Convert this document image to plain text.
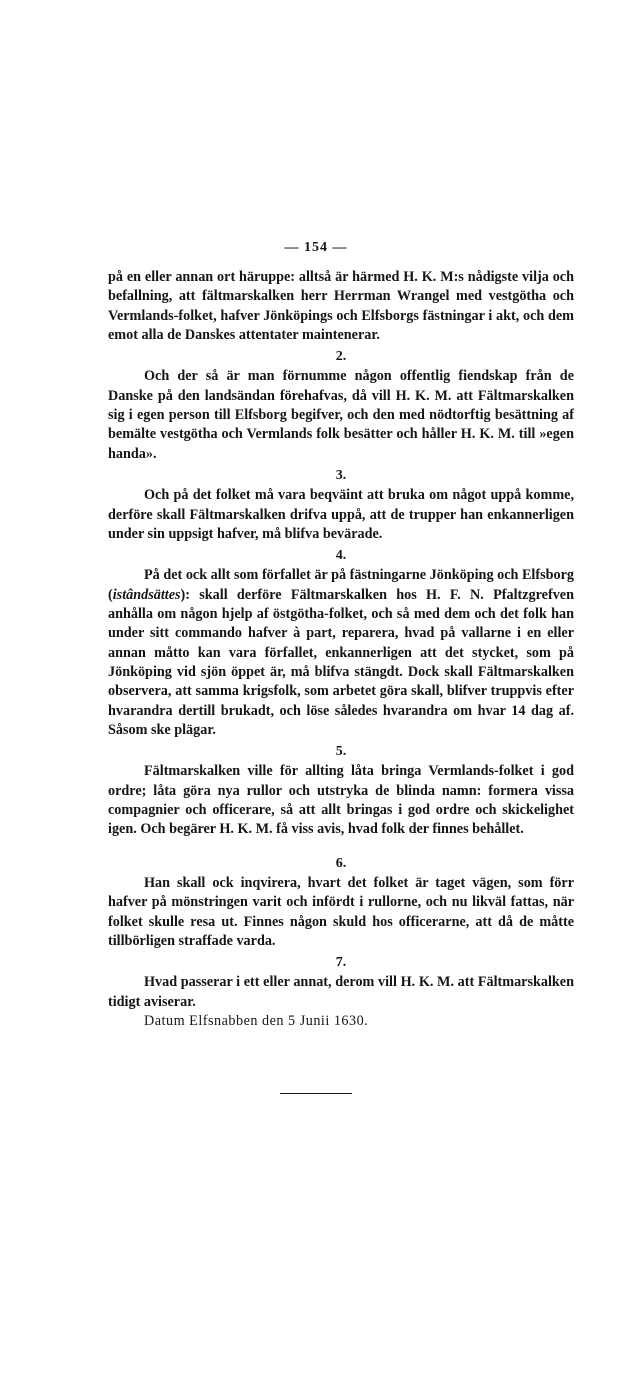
— 154 —

på en eller annan ort häruppe: alltså är härmed H. K. M:s nådigste vilja och befallning, att fältmarskalken herr Herrman Wrangel med vestgötha och Vermlands-folket, hafver Jönköpings och Elfsborgs fästningar i akt, och dem emot alla de Danskes attentater maintenerar.

2.

Och der så är man förnumme någon offentlig fiendskap från de Danske på den landsändan förehafvas, då vill H. K. M. att Fältmarskalken sig i egen person till Elfsborg begifver, och den med nödtorftig besättning af bemälte vestgötha och Vermlands folk besätter och håller H. K. M. till »egen handa».

3.

Och på det folket må vara beqväint att bruka om något uppå komme, derföre skall Fältmarskalken drifva uppå, att de trupper han enkannerligen under sin uppsigt hafver, må blifva bevärade.

4.

På det ock allt som förfallet är på fästningarne Jönköping och Elfsborg (istândsättes): skall derföre Fältmarskalken hos H. F. N. Pfaltzgrefven anhålla om någon hjelp af östgötha-folket, och så med dem och det folk han under sitt commando hafver à part, reparera, hvad på vallarne i en eller annan måtto kan vara förfallet, enkannerligen att det stycket, som på Jönköping vid sjön öppet är, må blifva stängdt. Dock skall Fältmarskalken observera, att samma krigsfolk, som arbetet göra skall, blifver truppvis efter hvarandra dertill brukadt, och löse således hvarandra om hvar 14 dag af. Såsom ske plägar.

5.

Fältmarskalken ville för allting låta bringa Vermlands-folket i god ordre; låta göra nya rullor och utstryka de blinda namn: formera vissa compagnier och officerare, så att allt bringas i god ordre och skickelighet igen. Och begärer H. K. M. få viss avis, hvad folk der finnes behållet.

6.

Han skall ock inqvirera, hvart det folket är taget vägen, som förr hafver på mönstringen varit och infördt i rullorne, och nu likväl fattas, när folket skulle resa ut. Finnes någon skuld hos officerarne, att då de måtte tillbörligen straffade varda.

7.

Hvad passerar i ett eller annat, derom vill H. K. M. att Fältmarskalken tidigt aviserar.

Datum Elfsnabben den 5 Junii 1630.
